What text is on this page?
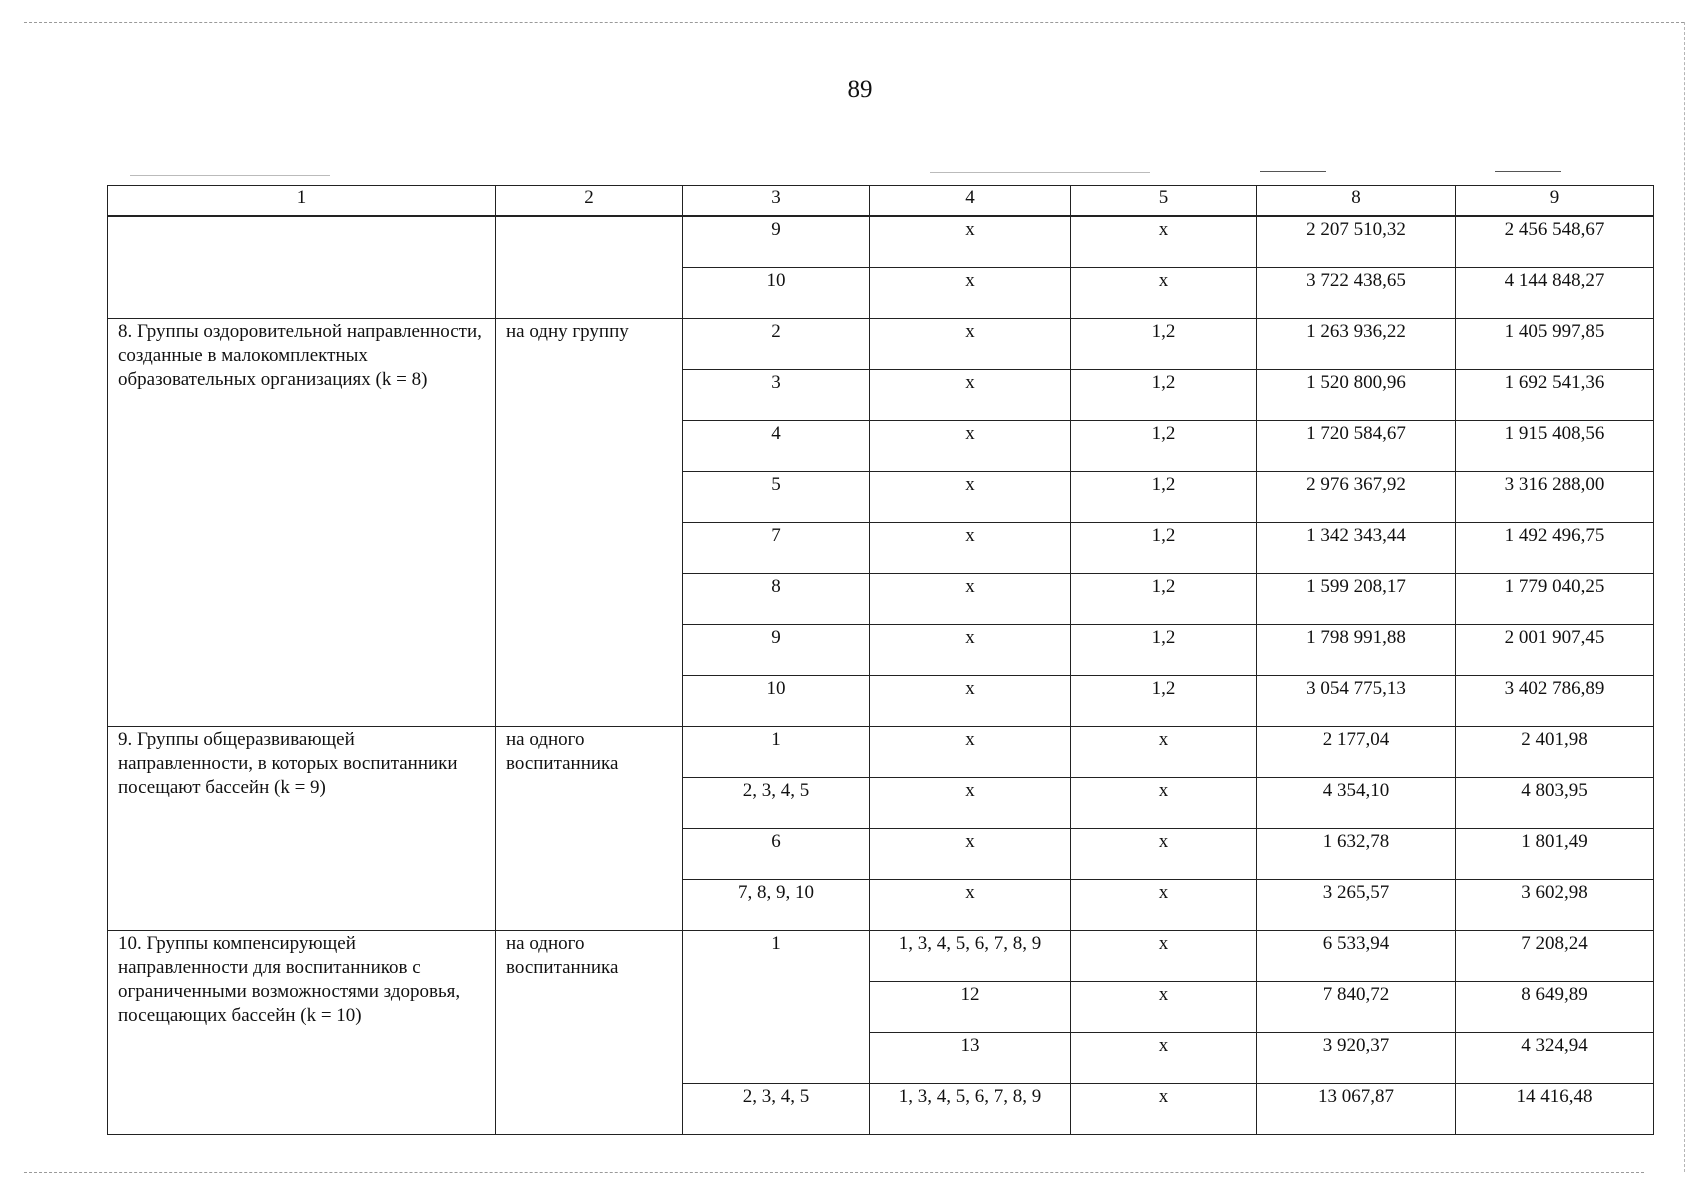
89
1	2	3	4	5	8	9
		9	х	х	2 207 510,32	2 456 548,67
		10	х	х	3 722 438,65	4 144 848,27
8. Группы оздоровительной направленности, созданные в малокомплектных образовательных организациях (k = 8)	на одну группу	2	х	1,2	1 263 936,22	1 405 997,85
		3	х	1,2	1 520 800,96	1 692 541,36
		4	х	1,2	1 720 584,67	1 915 408,56
		5	х	1,2	2 976 367,92	3 316 288,00
		7	х	1,2	1 342 343,44	1 492 496,75
		8	х	1,2	1 599 208,17	1 779 040,25
		9	х	1,2	1 798 991,88	2 001 907,45
		10	х	1,2	3 054 775,13	3 402 786,89
9. Группы общеразвивающей направленности, в которых воспитанники посещают бассейн (k = 9)	на одного воспитанника	1	х	х	2 177,04	2 401,98
		2, 3, 4, 5	х	х	4 354,10	4 803,95
		6	х	х	1 632,78	1 801,49
		7, 8, 9, 10	х	х	3 265,57	3 602,98
10. Группы компенсирующей направленности для воспитанников с ограниченными возможностями здоровья, посещающих бассейн (k = 10)	на одного воспитанника	1	1, 3, 4, 5, 6, 7, 8, 9	х	6 533,94	7 208,24
			12	х	7 840,72	8 649,89
			13	х	3 920,37	4 324,94
		2, 3, 4, 5	1, 3, 4, 5, 6, 7, 8, 9	х	13 067,87	14 416,48
